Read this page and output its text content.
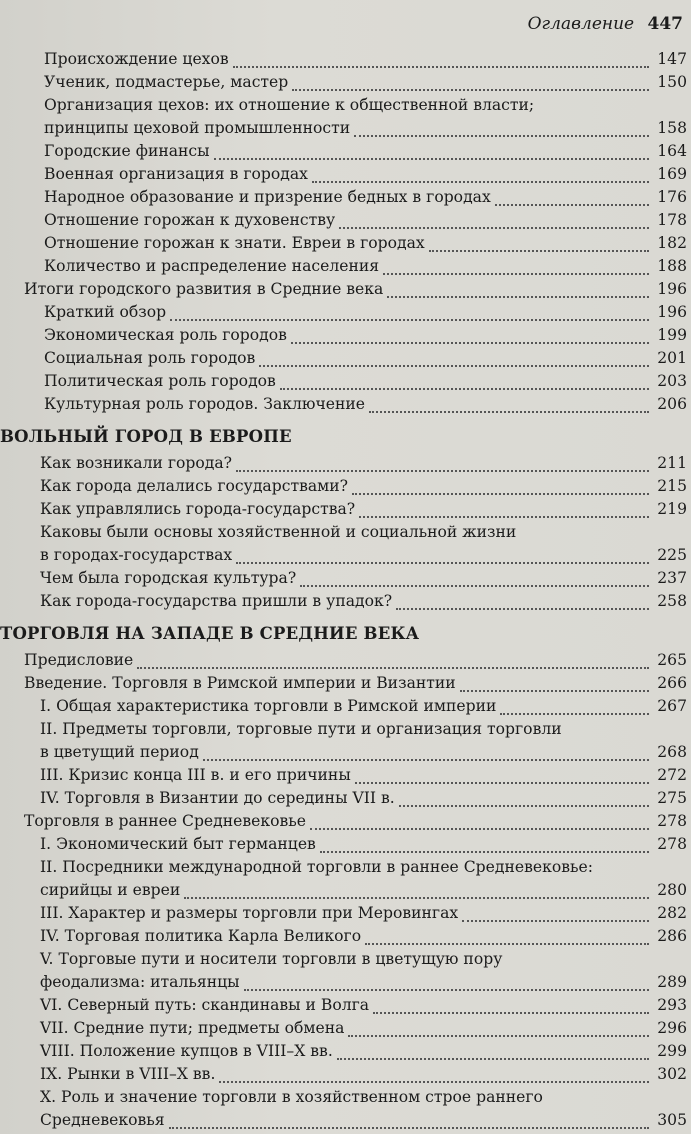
Оглавление 447
Происхождение цехов	147
Ученик, подмастерье, мастер	150
Организация цехов: их отношение к общественной власти;
принципы цеховой промышленности	158
Городские финансы	164
Военная организация в городах	169
Народное образование и призрение бедных в городах	176
Отношение горожан к духовенству	178
Отношение горожан к знати. Евреи в городах	182
Количество и распределение населения	188
Итоги городского развития в Средние века	196
Краткий обзор	196
Экономическая роль городов	199
Социальная роль городов	201
Политическая роль городов	203
Культурная роль городов. Заключение	206
ВОЛЬНЫЙ ГОРОД В ЕВРОПЕ
Как возникали города?	211
Как города делались государствами?	215
Как управлялись города-государства?	219
Каковы были основы хозяйственной и социальной жизни
в городах-государствах	225
Чем была городская культура?	237
Как города-государства пришли в упадок?	258
ТОРГОВЛЯ НА ЗАПАДЕ В СРЕДНИЕ ВЕКА
Предисловие	265
Введение. Торговля в Римской империи и Византии	266
I. Общая характеристика торговли в Римской империи	267
II. Предметы торговли, торговые пути и организация торговли
в цветущий период	268
III. Кризис конца III в. и его причины	272
IV. Торговля в Византии до середины VII в.	275
Торговля в раннее Средневековье	278
I. Экономический быт германцев	278
II. Посредники международной торговли в раннее Средневековье:
сирийцы и евреи	280
III. Характер и размеры торговли при Меровингах	282
IV. Торговая политика Карла Великого	286
V. Торговые пути и носители торговли в цветущую пору
феодализма: итальянцы	289
VI. Северный путь: скандинавы и Волга	293
VII. Средние пути; предметы обмена	296
VIII. Положение купцов в VIII–X вв.	299
IX. Рынки в VIII–X вв.	302
X. Роль и значение торговли в хозяйственном строе раннего
Средневековья	305
